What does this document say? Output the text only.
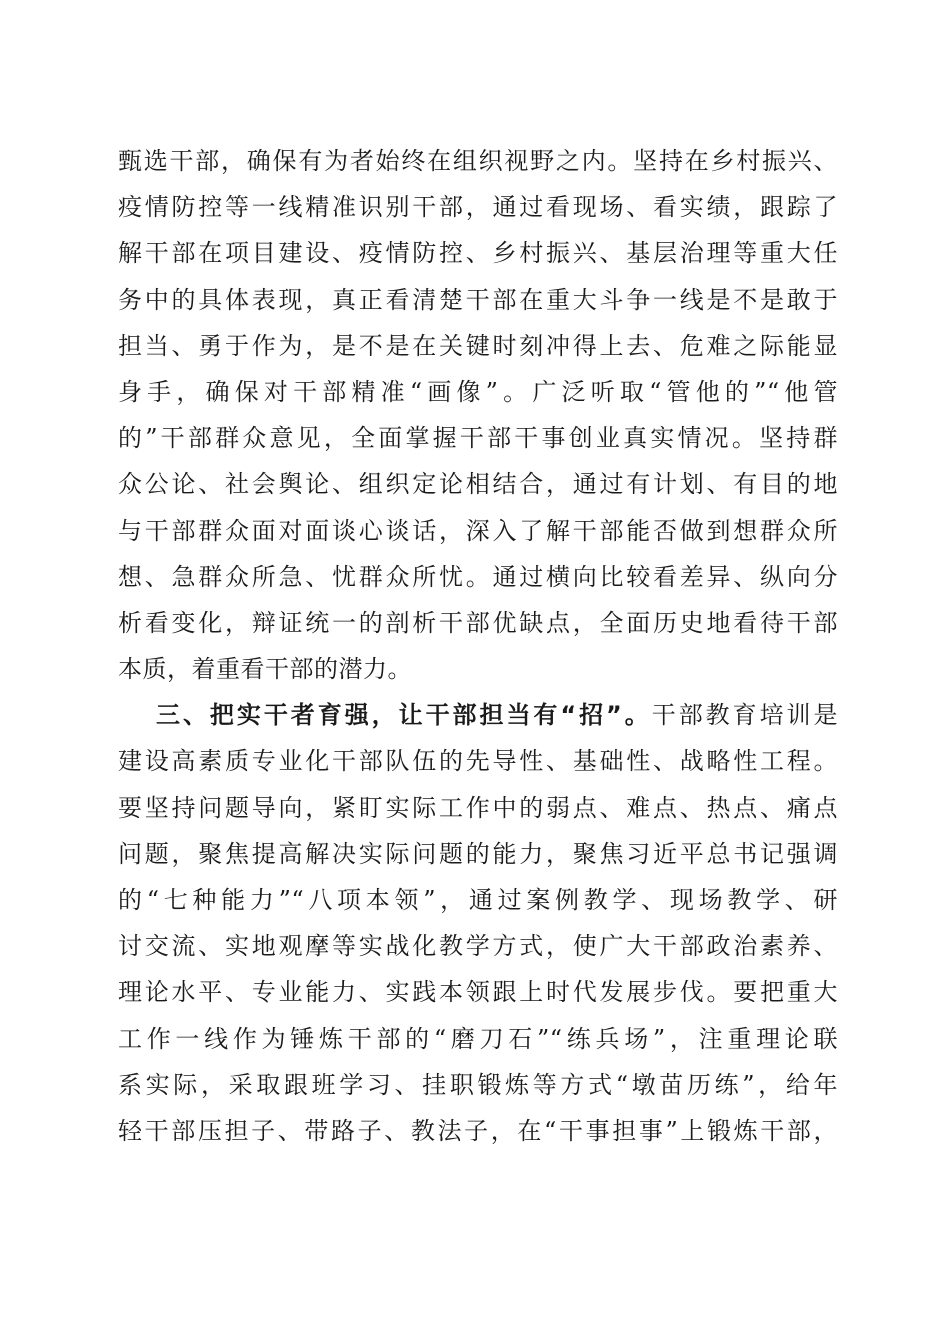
甄选干部，确保有为者始终在组织视野之内。坚持在乡村振兴、
疫情防控等一线精准识别干部，通过看现场、看实绩，跟踪了
解干部在项目建设、疫情防控、乡村振兴、基层治理等重大任
务中的具体表现，真正看清楚干部在重大斗争一线是不是敢于
担当、勇于作为，是不是在关键时刻冲得上去、危难之际能显
身手，确保对干部精准“画像”。广泛听取“管他的”“他管
的”干部群众意见，全面掌握干部干事创业真实情况。坚持群
众公论、社会舆论、组织定论相结合，通过有计划、有目的地
与干部群众面对面谈心谈话，深入了解干部能否做到想群众所
想、急群众所急、忧群众所忧。通过横向比较看差异、纵向分
析看变化，辩证统一的剖析干部优缺点，全面历史地看待干部
本质，着重看干部的潜力。
三、把实干者育强，让干部担当有“招”。干部教育培训是
建设高素质专业化干部队伍的先导性、基础性、战略性工程。
要坚持问题导向，紧盯实际工作中的弱点、难点、热点、痛点
问题，聚焦提高解决实际问题的能力，聚焦习近平总书记强调
的“七种能力”“八项本领”，通过案例教学、现场教学、研
讨交流、实地观摩等实战化教学方式，使广大干部政治素养、
理论水平、专业能力、实践本领跟上时代发展步伐。要把重大
工作一线作为锤炼干部的“磨刀石”“练兵场”，注重理论联
系实际，采取跟班学习、挂职锻炼等方式“墩苗历练”，给年
轻干部压担子、带路子、教法子，在“干事担事”上锻炼干部，
